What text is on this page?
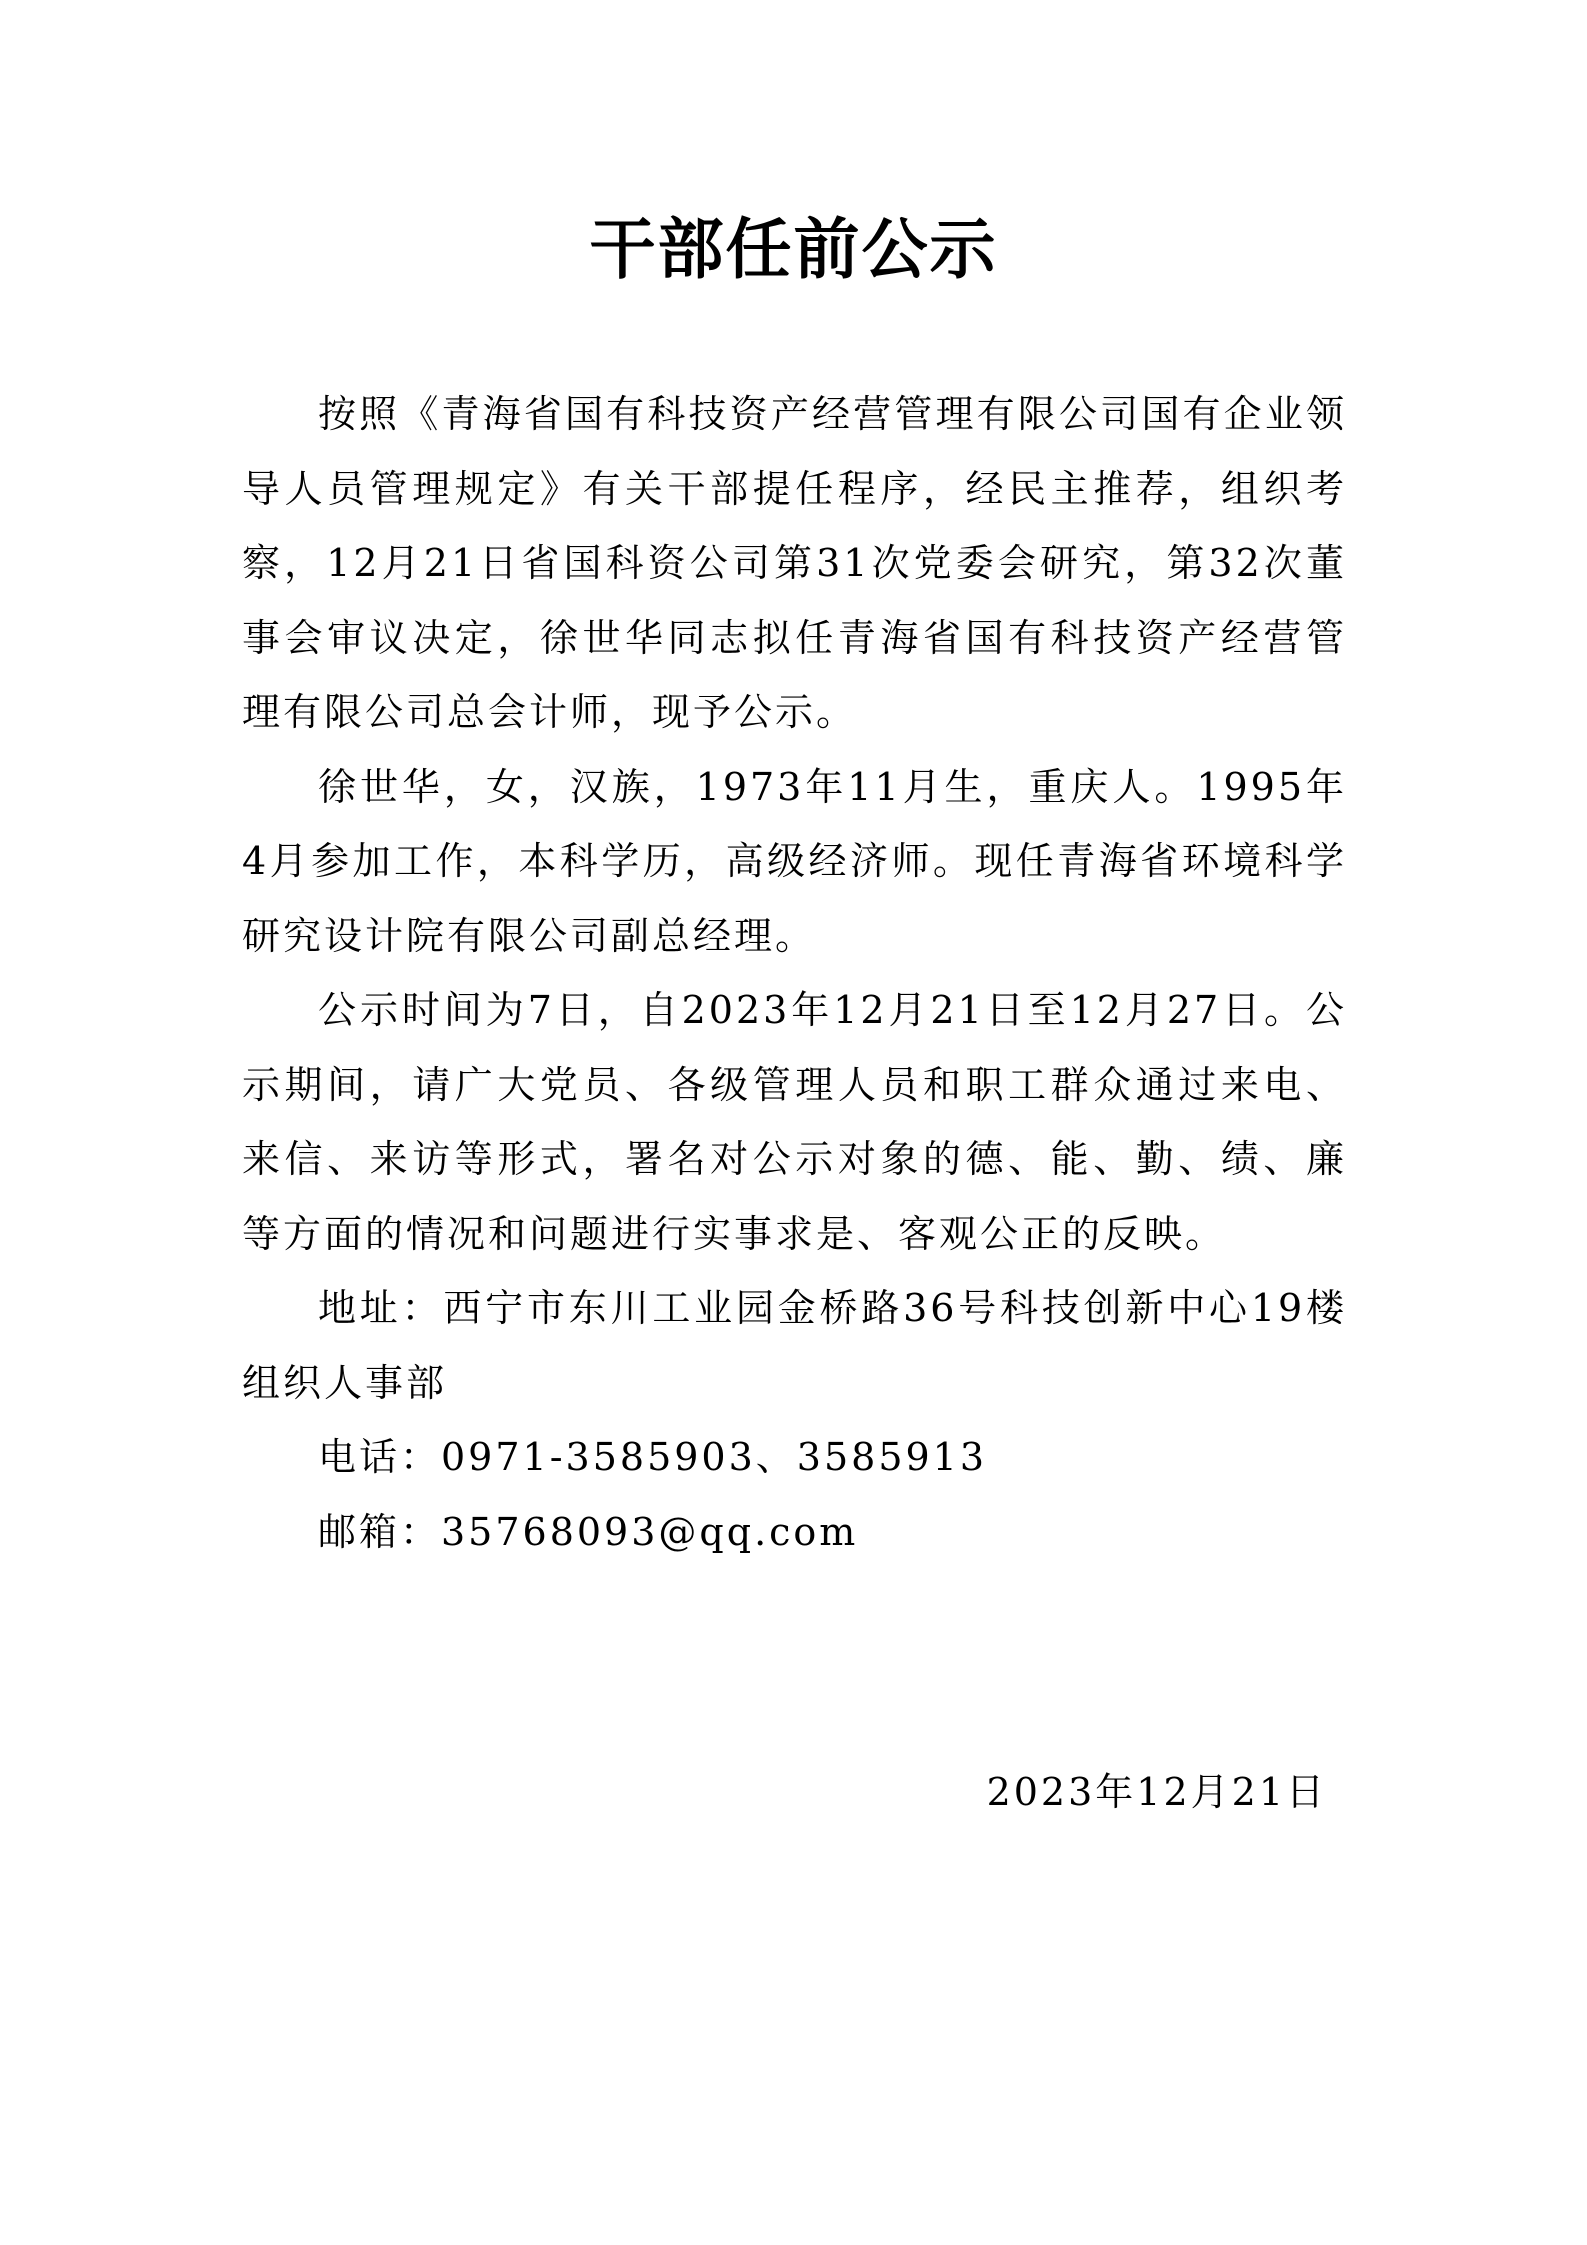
干部任前公示

按照《青海省国有科技资产经营管理有限公司国有企业领导人员管理规定》有关干部提任程序，经民主推荐，组织考察，12月21日省国科资公司第31次党委会研究，第32次董事会审议决定，徐世华同志拟任青海省国有科技资产经营管理有限公司总会计师，现予公示。

徐世华，女，汉族，1973年11月生，重庆人。1995年4月参加工作，本科学历，高级经济师。现任青海省环境科学研究设计院有限公司副总经理。

公示时间为7日，自2023年12月21日至12月27日。公示期间，请广大党员、各级管理人员和职工群众通过来电、来信、来访等形式，署名对公示对象的德、能、勤、绩、廉等方面的情况和问题进行实事求是、客观公正的反映。

地址：西宁市东川工业园金桥路36号科技创新中心19楼组织人事部

电话：0971-3585903、3585913

邮箱：35768093@qq.com

2023年12月21日
